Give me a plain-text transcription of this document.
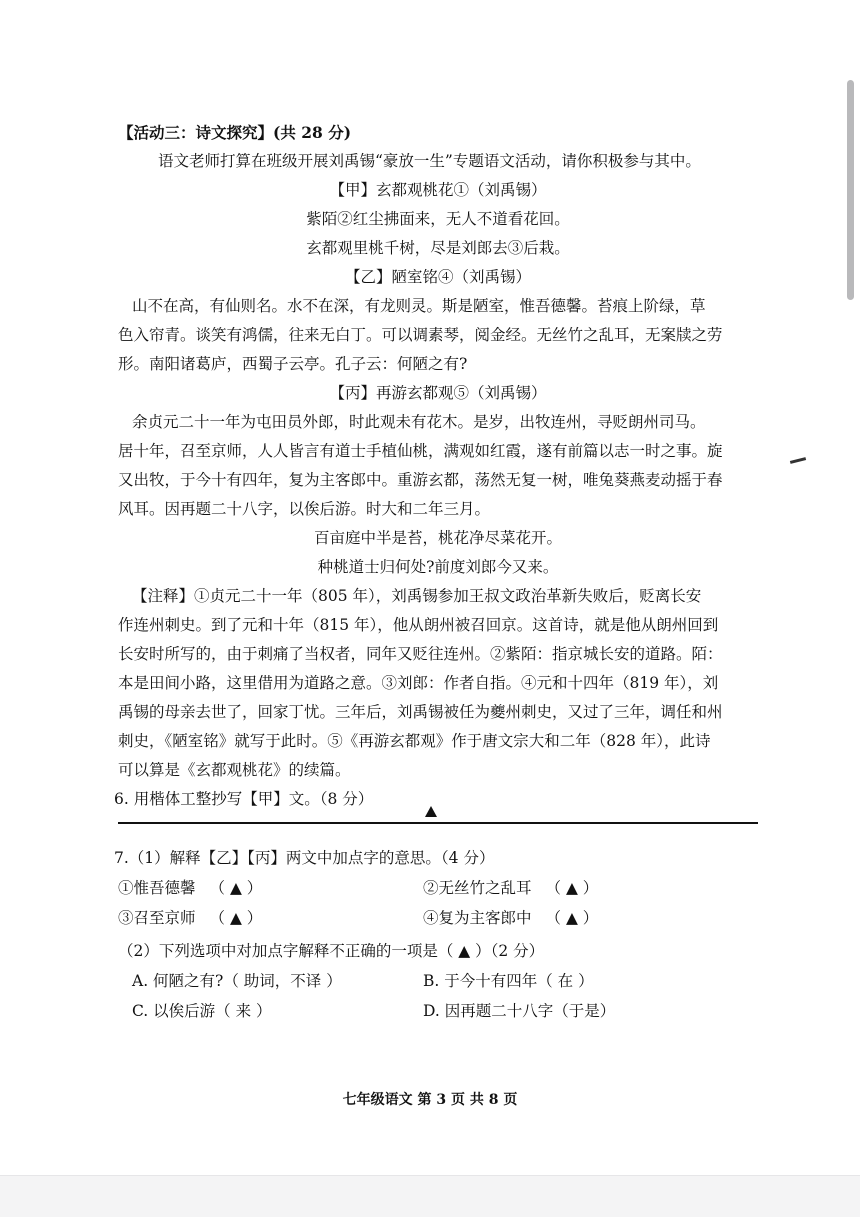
【活动三：诗文探究】(共 28 分)
语文老师打算在班级开展刘禹锡“豪放一生”专题语文活动，请你积极参与其中。
【甲】玄都观桃花①（刘禹锡）
紫陌②红尘拂面来，无人不道看花回。
玄都观里桃千树，尽是刘郎去③后栽。
【乙】陋室铭④（刘禹锡）
山不在高，有仙则名。水不在深，有龙则灵。斯是陋室，惟吾德馨。苔痕上阶绿，草
色入帘青。谈笑有鸿儒，往来无白丁。可以调素琴，阅金经。无丝竹之乱耳，无案牍之劳
形。南阳诸葛庐，西蜀子云亭。孔子云：何陋之有?
【丙】再游玄都观⑤（刘禹锡）
余贞元二十一年为屯田员外郎，时此观未有花木。是岁，出牧连州，寻贬朗州司马。
居十年，召至京师，人人皆言有道士手植仙桃，满观如红霞，遂有前篇以志一时之事。旋
又出牧，于今十有四年，复为主客郎中。重游玄都，荡然无复一树，唯兔葵燕麦动摇于春
风耳。因再题二十八字，以俟后游。时大和二年三月。
百亩庭中半是苔，桃花净尽菜花开。
种桃道士归何处?前度刘郎今又来。
【注释】①贞元二十一年（805 年），刘禹锡参加王叔文政治革新失败后，贬离长安
作连州刺史。到了元和十年（815 年），他从朗州被召回京。这首诗，就是他从朗州回到
长安时所写的，由于刺痛了当权者，同年又贬往连州。②紫陌：指京城长安的道路。陌：
本是田间小路，这里借用为道路之意。③刘郎：作者自指。④元和十四年（819 年），刘
禹锡的母亲去世了，回家丁忧。三年后，刘禹锡被任为夔州刺史，又过了三年，调任和州
刺史，《陋室铭》就写于此时。⑤《再游玄都观》作于唐文宗大和二年（828 年），此诗
可以算是《玄都观桃花》的续篇。
6. 用楷体工整抄写【甲】文。（8 分）
7.（1）解释【乙】【丙】两文中加点字的意思。（4 分）
①惟吾德馨 （ ▲ ）	②无丝竹之乱耳 （ ▲ ）
③召至京师 （ ▲ ）	④复为主客郎中 （ ▲ ）
（2）下列选项中对加点字解释不正确的一项是（ ▲ ）（2 分）
A. 何陋之有?（ 助词，不译 ）	B. 于今十有四年（ 在 ）
C. 以俟后游（ 来 ）	D. 因再题二十八字（于是）
七年级语文 第 3 页 共 8 页
